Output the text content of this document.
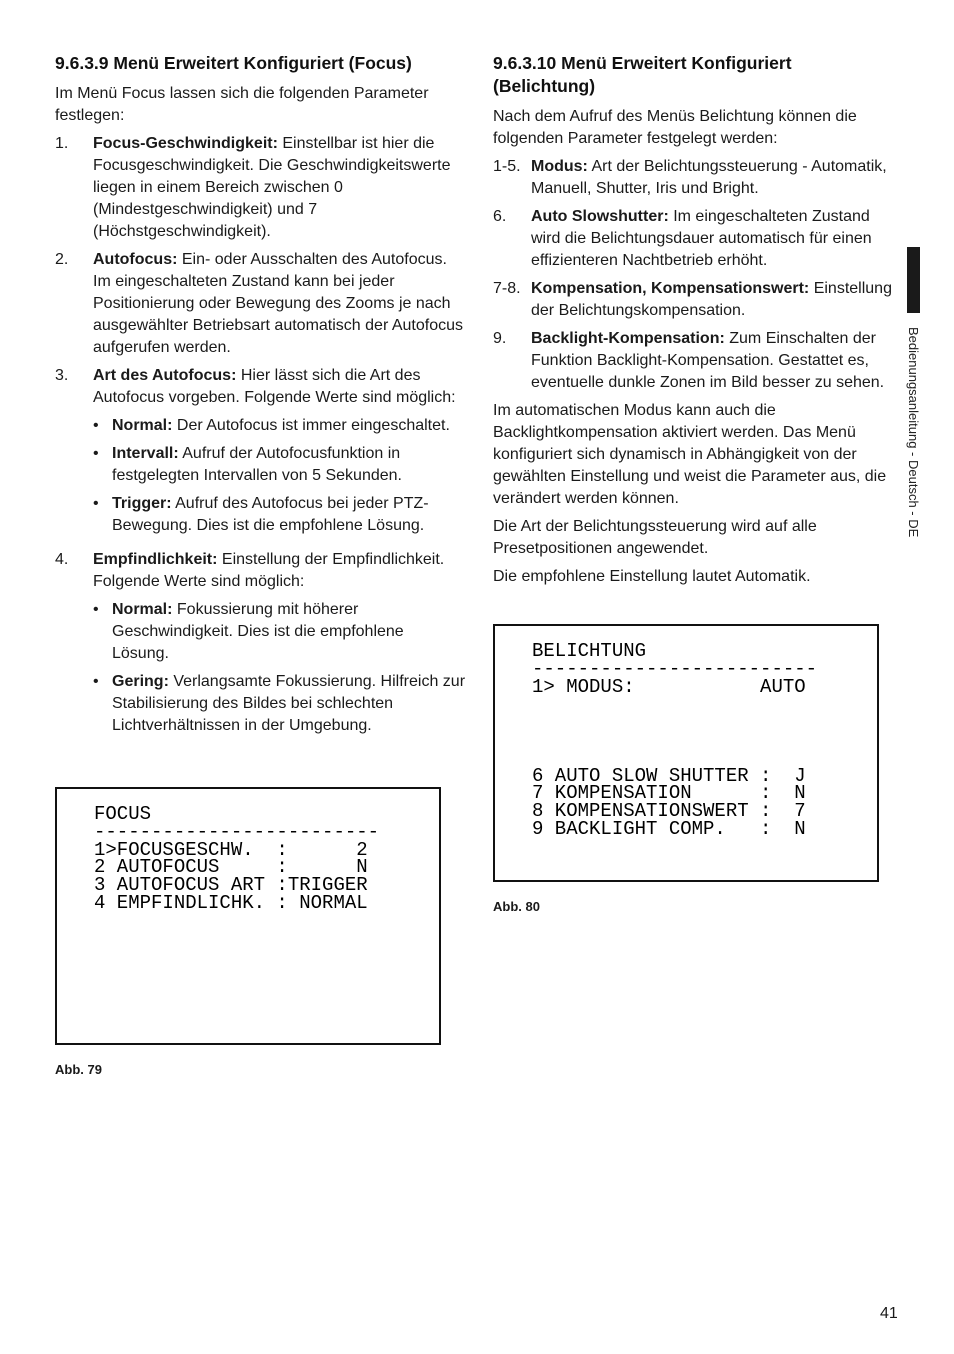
Bedienungsanleitung - Deutsch - DE
9.6.3.9 Menü Erweitert Konfiguriert (Focus)

Im Menü Focus lassen sich die folgenden Parameter festlegen:

1.	Focus-Geschwindigkeit: Einstellbar ist hier die Focusgeschwindigkeit. Die Geschwindigkeitswerte liegen in einem Bereich zwischen 0 (Mindestgeschwindigkeit) und 7 (Höchstgeschwindigkeit).
2.	Autofocus: Ein- oder Ausschalten des Autofocus. Im eingeschalteten Zustand kann bei jeder Positionierung oder Bewegung des Zooms je nach ausgewählter Betriebsart automatisch der Autofocus aufgerufen werden.
3.	Art des Autofocus: Hier lässt sich die Art des Autofocus vorgeben. Folgende Werte sind möglich:
• Normal: Der Autofocus ist immer eingeschaltet.
• Intervall: Aufruf der Autofocusfunktion in festgelegten Intervallen von 5 Sekunden.
• Trigger: Aufruf des Autofocus bei jeder PTZ-Bewegung. Dies ist die empfohlene Lösung.
4.	Empfindlichkeit: Einstellung der Empfindlichkeit. Folgende Werte sind möglich:
• Normal: Fokussierung mit höherer Geschwindigkeit. Dies ist die empfohlene Lösung.
• Gering: Verlangsamte Fokussierung. Hilfreich zur Stabilisierung des Bildes bei schlechten Lichtverhältnissen in der Umgebung.
FOCUS
-------------------------
1>FOCUSGESCHW.  :      2
2 AUTOFOCUS     :      N
3 AUTOFOCUS ART :TRIGGER
4 EMPFINDLICHK. : NORMAL
Abb. 79
9.6.3.10 Menü Erweitert Konfiguriert (Belichtung)

Nach dem Aufruf des Menüs Belichtung können die folgenden Parameter festgelegt werden:

1-5. Modus: Art der Belichtungssteuerung - Automatik, Manuell, Shutter, Iris und Bright.
6.	Auto Slowshutter: Im eingeschalteten Zustand wird die Belichtungsdauer automatisch für einen effizienteren Nachtbetrieb erhöht.
7-8. Kompensation, Kompensationswert: Einstellung der Belichtungskompensation.
9.	Backlight-Kompensation: Zum Einschalten der Funktion Backlight-Kompensation. Gestattet es, eventuelle dunkle Zonen im Bild besser zu sehen.

Im automatischen Modus kann auch die Backlightkompensation aktiviert werden. Das Menü konfiguriert sich dynamisch in Abhängigkeit von der gewählten Einstellung und weist die Parameter aus, die verändert werden können.

Die Art der Belichtungssteuerung wird auf alle Presetpositionen angewendet.

Die empfohlene Einstellung lautet Automatik.

BELICHTUNG
-------------------------
1> MODUS:           AUTO

6 AUTO SLOW SHUTTER :  J
7 KOMPENSATION      :  N
8 KOMPENSATIONSWERT :  7
9 BACKLIGHT COMP.   :  N
Abb. 80
41
